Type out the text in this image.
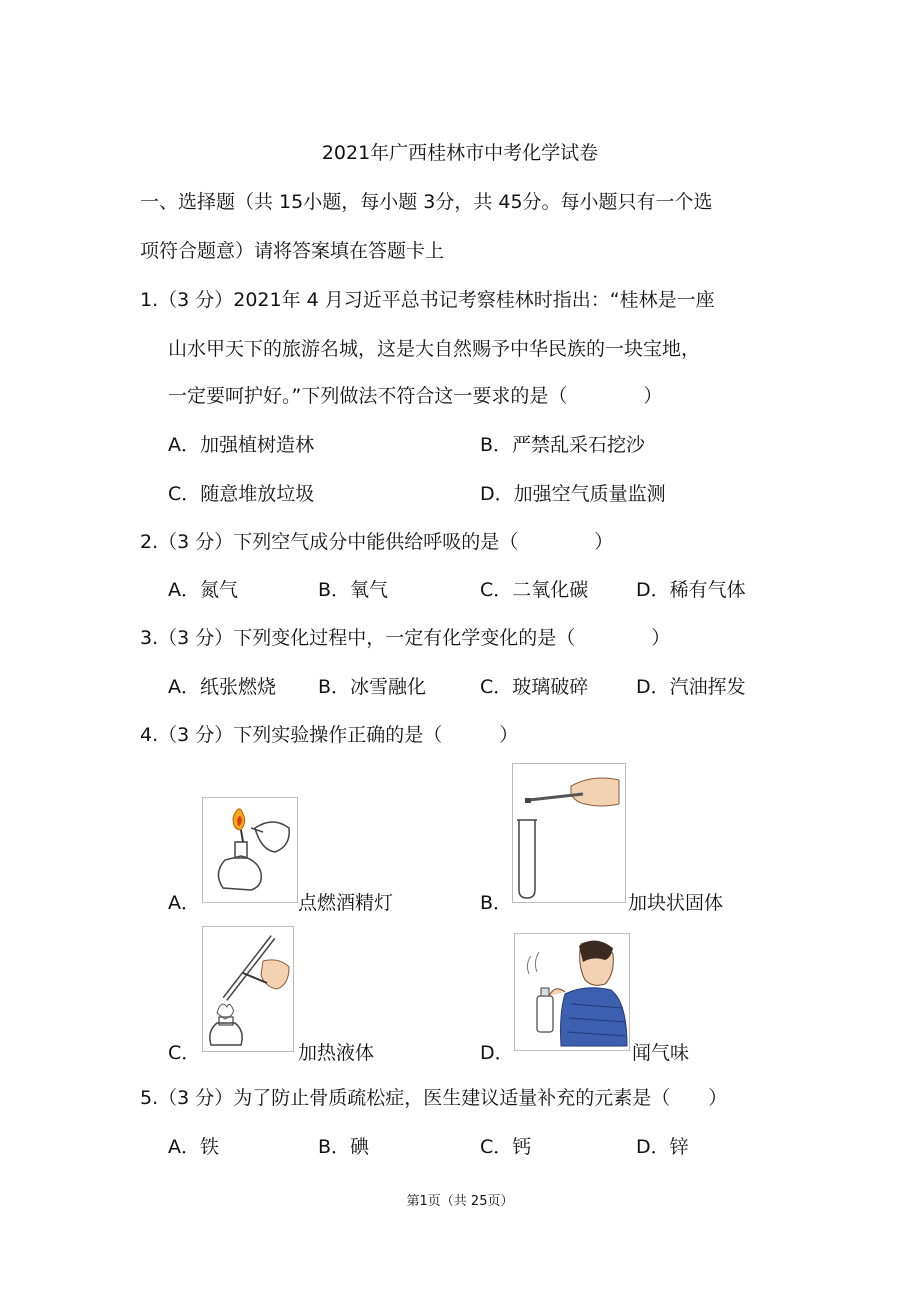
2021年广西桂林市中考化学试卷
一、选择题（共 15小题，每小题 3分，共 45分。每小题只有一个选
项符合题意）请将答案填在答题卡上
1.（3 分）2021年 4 月习近平总书记考察桂林时指出：“桂林是一座
山水甲天下的旅游名城，这是大自然赐予中华民族的一块宝地，
一定要呵护好。”下列做法不符合这一要求的是（　　　　）
A．加强植树造林	B．严禁乱采石挖沙
C．随意堆放垃圾	D．加强空气质量监测
2.（3 分）下列空气成分中能供给呼吸的是（　　　　）
A．氮气	B．氧气	C．二氧化碳	D．稀有气体
3.（3 分）下列变化过程中，一定有化学变化的是（　　　　）
A．纸张燃烧 B．冰雪融化	C．玻璃破碎	D．汽油挥发
4.（3 分）下列实验操作正确的是（　　　）
A．	点燃酒精灯	B．	加块状固体
C．	加热液体	D．	闻气味
5.（3 分）为了防止骨质疏松症，医生建议适量补充的元素是（　　）
A．铁	B．碘	C．钙	D．锌
第1页（共 25页）
